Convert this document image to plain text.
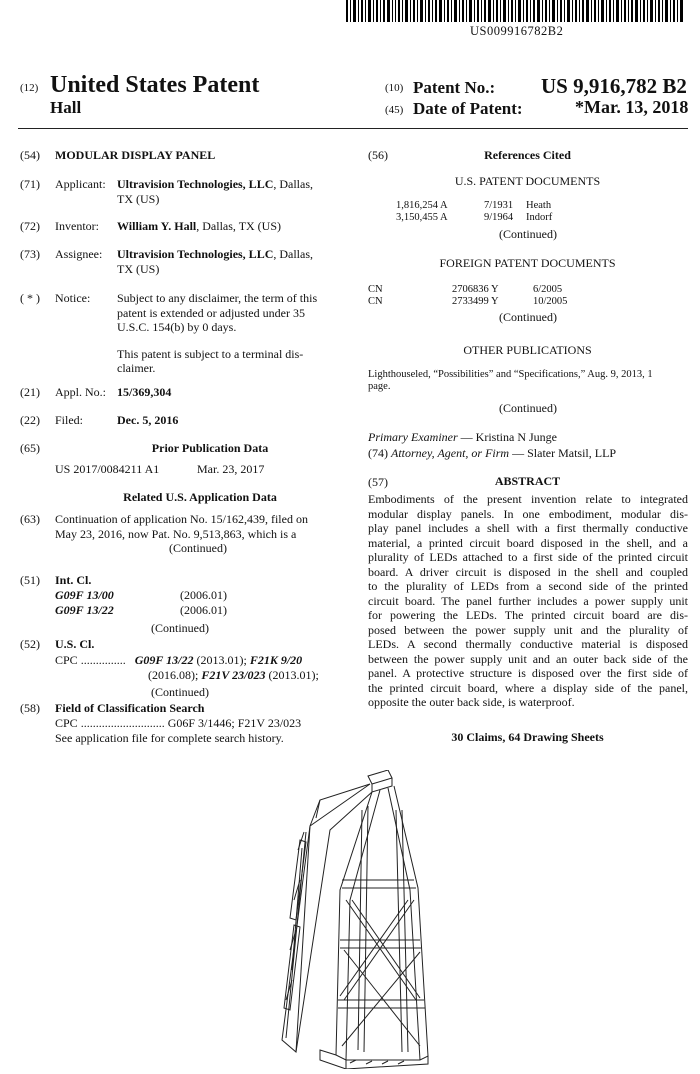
US009916782B2
(12) United States Patent
Hall
(10) Patent No.: US 9,916,782 B2
(45) Date of Patent:	*Mar. 13, 2018
(54) MODULAR DISPLAY PANEL
(71) Applicant: Ultravision Technologies, LLC, Dallas,
TX (US)
(72) Inventor: William Y. Hall, Dallas, TX (US)
(73) Assignee: Ultravision Technologies, LLC, Dallas,
TX (US)
( * ) Notice: Subject to any disclaimer, the term of this
patent is extended or adjusted under 35
U.S.C. 154(b) by 0 days.
This patent is subject to a terminal dis-
claimer.
(21) Appl. No.: 15/369,304
(22) Filed:	Dec. 5, 2016
(65)	Prior Publication Data
US 2017/0084211 A1	Mar. 23, 2017
Related U.S. Application Data
(63) Continuation of application No. 15/162,439, filed on
May 23, 2016, now Pat. No. 9,513,863, which is a
(Continued)
(51) Int. Cl.
G09F 13/00	(2006.01)
G09F 13/22	(2006.01)
(Continued)
(52) U.S. Cl.
CPC ............... G09F 13/22 (2013.01); F21K 9/20
(2016.08); F21V 23/023 (2013.01);
(Continued)
(58) Field of Classification Search
CPC ............................ G06F 3/1446; F21V 23/023
See application file for complete search history.
(56)	References Cited
U.S. PATENT DOCUMENTS
1,816,254 A	7/1931 Heath
3,150,455 A	9/1964 Indorf
(Continued)
FOREIGN PATENT DOCUMENTS
CN	2706836 Y	6/2005
CN	2733499 Y	10/2005
(Continued)
OTHER PUBLICATIONS
Lighthouseled, “Possibilities” and “Specifications,” Aug. 9, 2013, 1
page.
(Continued)
Primary Examiner — Kristina N Junge
(74) Attorney, Agent, or Firm — Slater Matsil, LLP
(57)	ABSTRACT
Embodiments of the present invention relate to integrated
modular display panels. In one embodiment, modular dis-
play panel includes a shell with a first thermally conductive
material, a printed circuit board disposed in the shell, and a
plurality of LEDs attached to a first side of the printed circuit
board. A driver circuit is disposed in the shell and coupled
to the plurality of LEDs from a second side of the printed
circuit board. The panel further includes a power supply unit
for powering the LEDs. The printed circuit board are dis-
posed between the power supply unit and the plurality of
LEDs. A second thermally conductive material is disposed
between the power supply unit and an outer back side of the
panel. A protective structure is disposed over the first side of
the printed circuit board, where a display side of the panel,
opposite the outer back side, is waterproof.
30 Claims, 64 Drawing Sheets
